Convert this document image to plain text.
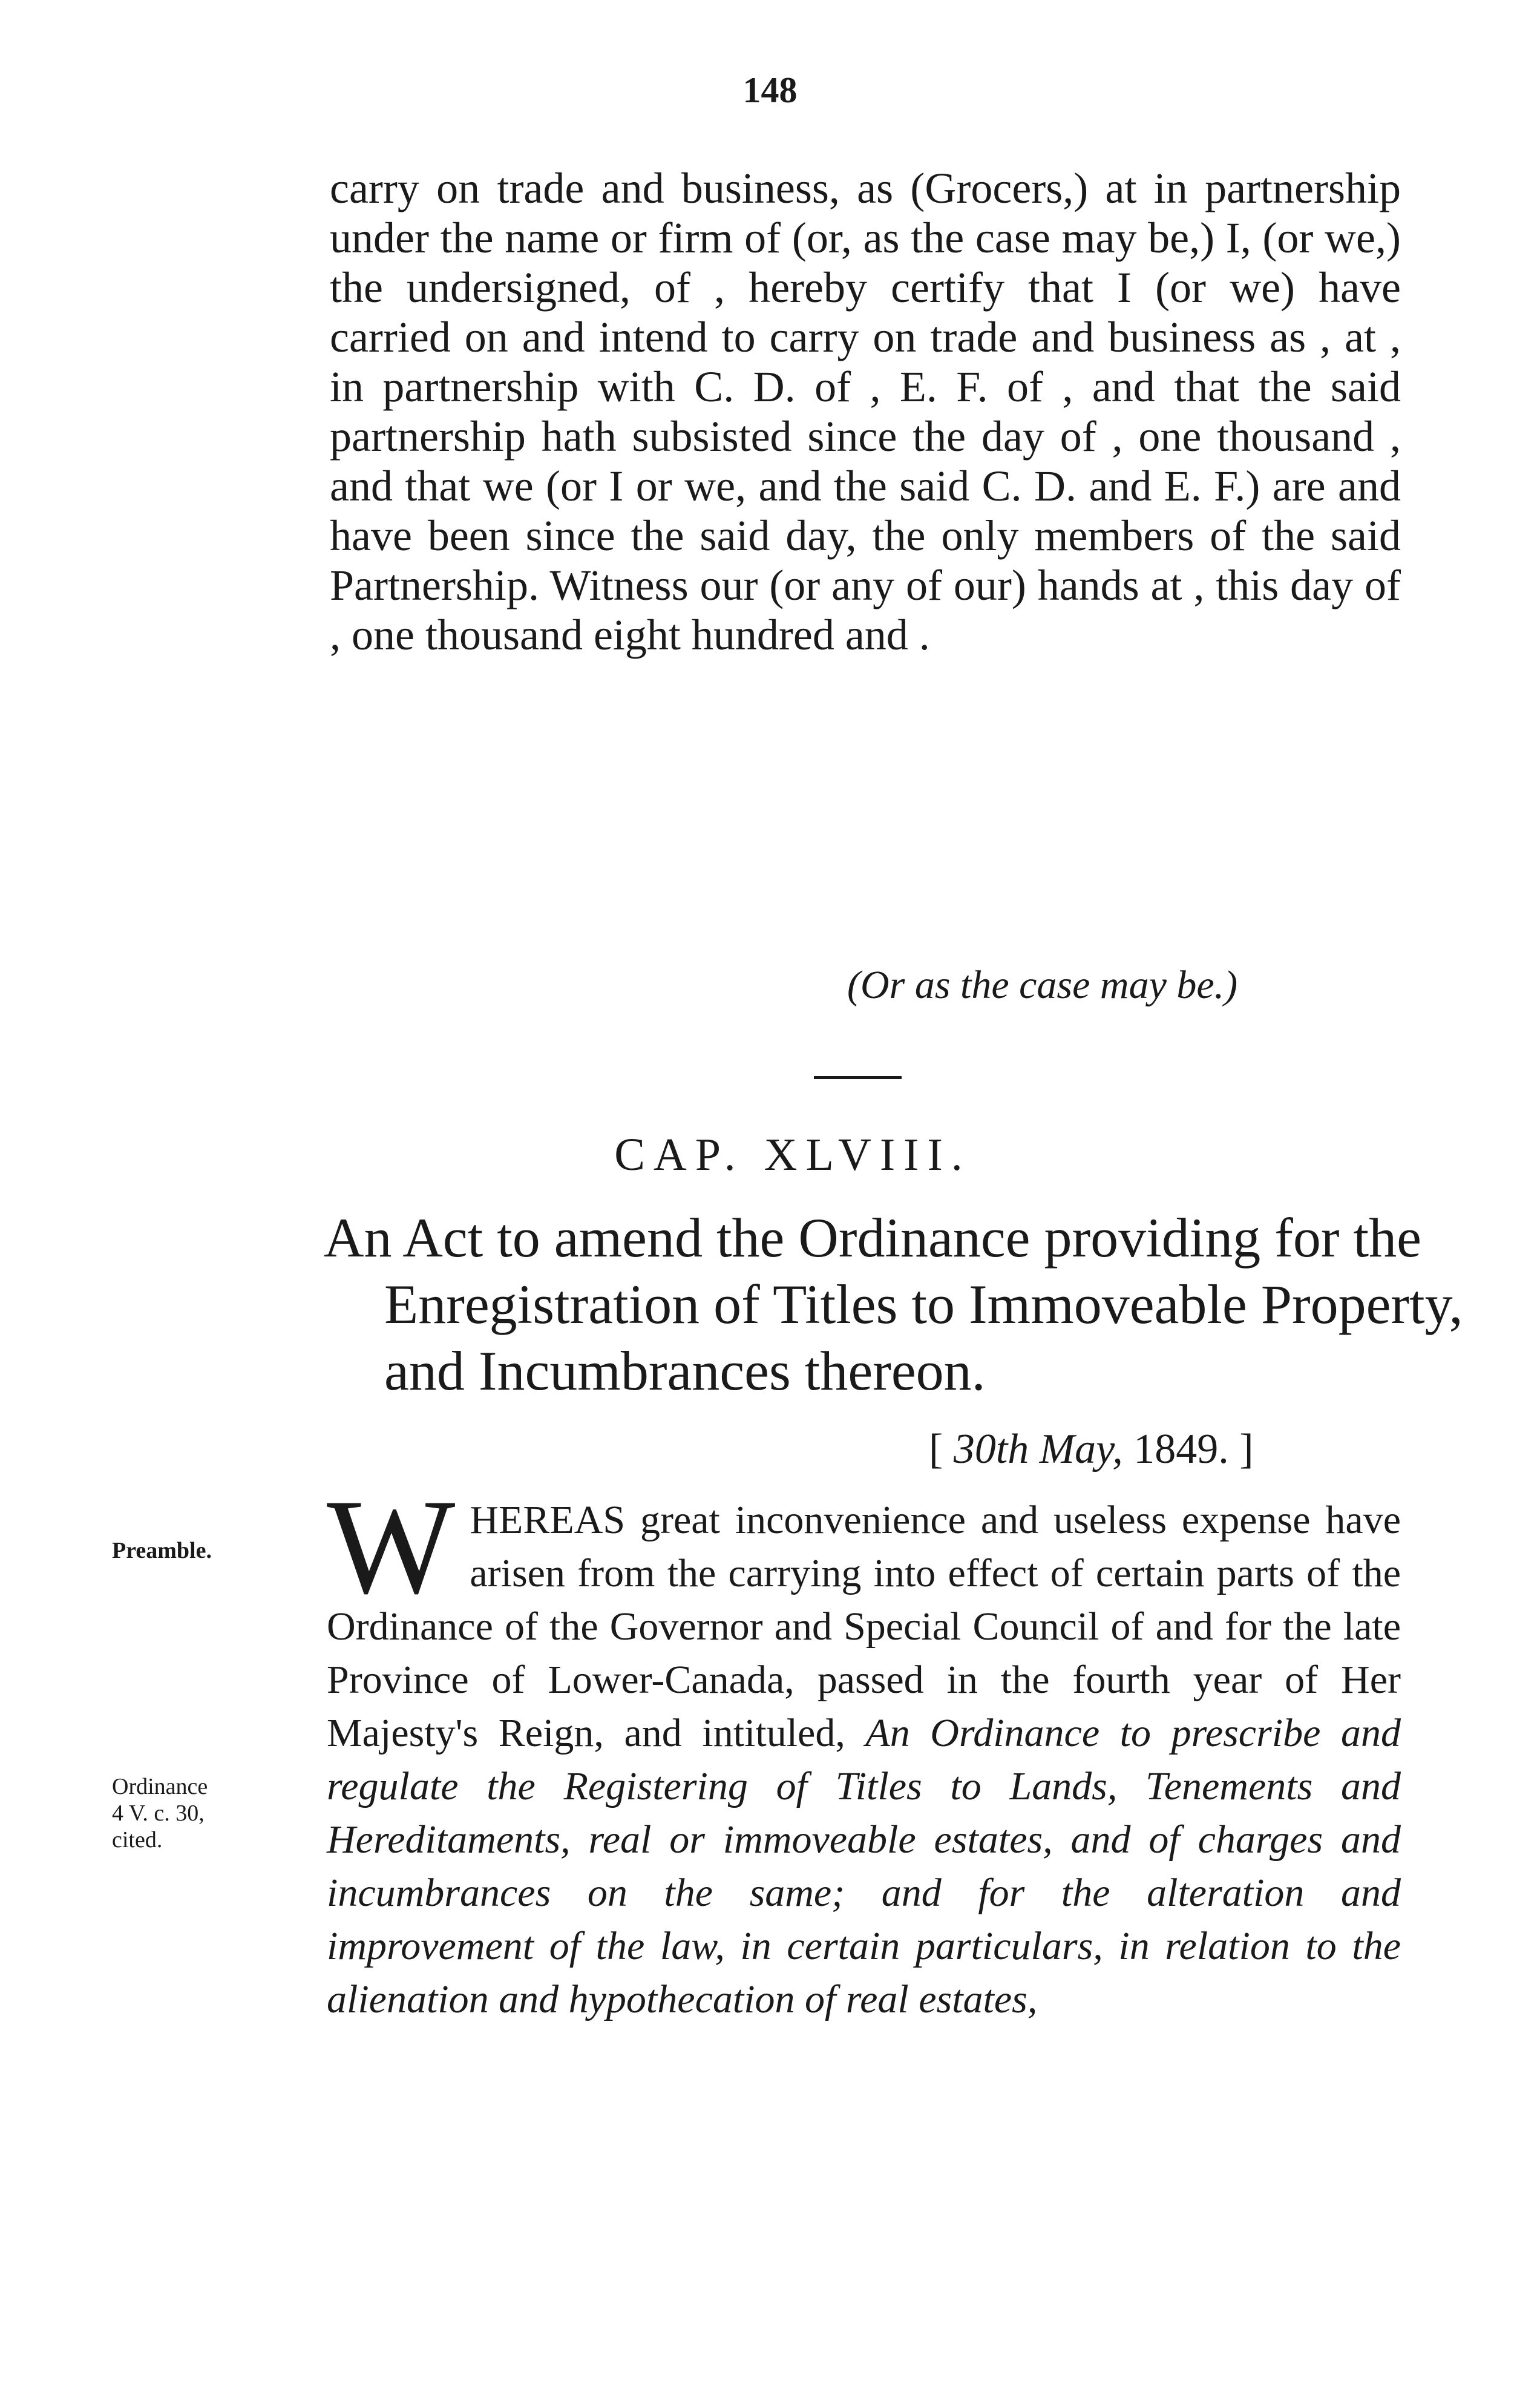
148

carry on trade and business, as (Grocers,) at in partnership under the name or firm of (or, as the case may be,) I, (or we,) the undersigned, of , hereby certify that I (or we) have carried on and intend to carry on trade and business as , at , in partnership with C. D. of , E. F. of , and that the said partnership hath subsisted since the day of , one thousand , and that we (or I or we, and the said C. D. and E. F.) are and have been since the said day, the only members of the said Partnership. Witness our (or any of our) hands at , this day of , one thousand eight hundred and .

(Or as the case may be.)
CAP. XLVIII.
An Act to amend the Ordinance providing for the Enregistration of Titles to Immoveable Property, and Incumbrances thereon.
[ 30th May, 1849. ]
Preamble.
Ordinance
4 V. c. 30,
cited.
WHEREAS great inconvenience and useless expense have arisen from the carrying into effect of certain parts of the Ordinance of the Governor and Special Council of and for the late Province of Lower-Canada, passed in the fourth year of Her Majesty's Reign, and intituled, An Ordinance to prescribe and regulate the Registering of Titles to Lands, Tenements and Hereditaments, real or immoveable estates, and of charges and incumbrances on the same; and for the alteration and improvement of the law, in certain particulars, in relation to the alienation and hypothecation of real estates,
